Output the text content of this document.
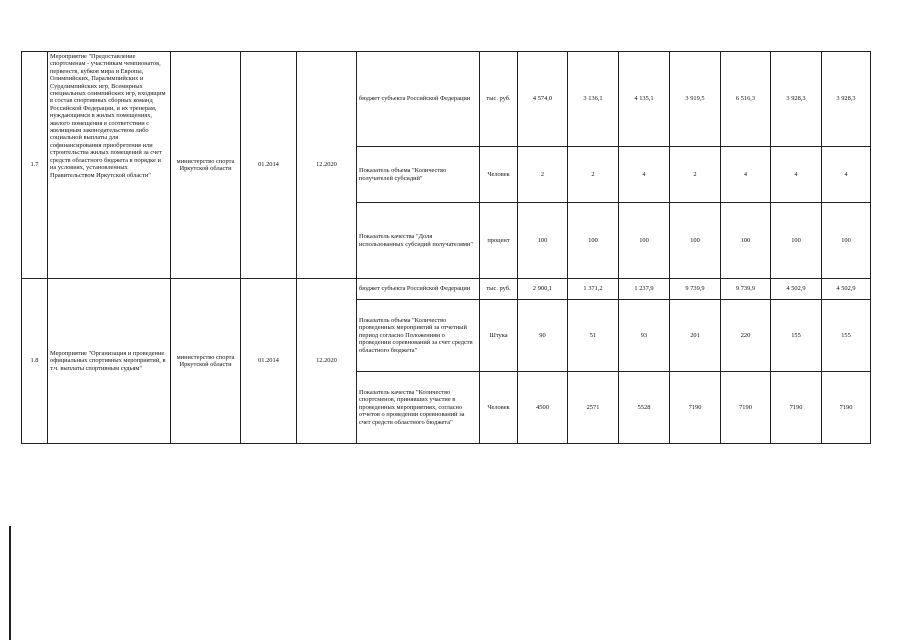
1.7	Мероприятие "Предоставление спортсменам - участникам чемпионатов, первенств, кубков мира и Европы, Олимпийских, Паралимпийских и Сурдлимпийских игр, Всемирных специальных олимпийских игр, входящим в состав спортивных сборных команд Российской Федерации, и их тренерам, нуждающимся в жилых помещениях, жилого помещения в соответствии с жилищным законодательством либо социальной выплаты для софинансирования приобретения или строительства жилых помещений за счет средств областного бюджета в порядке и на условиях, установленных Правительством Иркутской области"	министерство спорта Иркутской области	01.2014	12.2020	бюджет субъекта Российской Федерации	тыс. руб.	4 574,0	3 136,1	4 135,1	3 919,5	6 516,3	3 928,3	3 928,3
					Показатель объема "Количество получателей субсидий"	Человек	2	2	4	2	4	4	4
					Показатель качества "Доля использованных субсидий получателями"	процент	100	100	100	100	100	100	100
1.8	Мероприятие "Организация и проведение официальных спортивных мероприятий, в т.ч. выплаты спортивным судьям"	министерство спорта Иркутской области	01.2014	12.2020	бюджет субъекта Российской Федерации	тыс. руб.	2 900,1	1 371,2	1 237,9	9 739,9	9 739,9	4 502,9	4 502,9
					Показатель объема "Количество проведенных мероприятий за отчетный период согласно Положениям о проведении соревнований за счет средств областного бюджета"	Штука	90	51	93	201	220	155	155
					Показатель качества "Количество спортсменов, принявших участие в проведенных мероприятиях, согласно отчетов о проведении соревнований за счет средств областного бюджета"	Человек	4500	2571	5528	7190	7190	7190	7190
